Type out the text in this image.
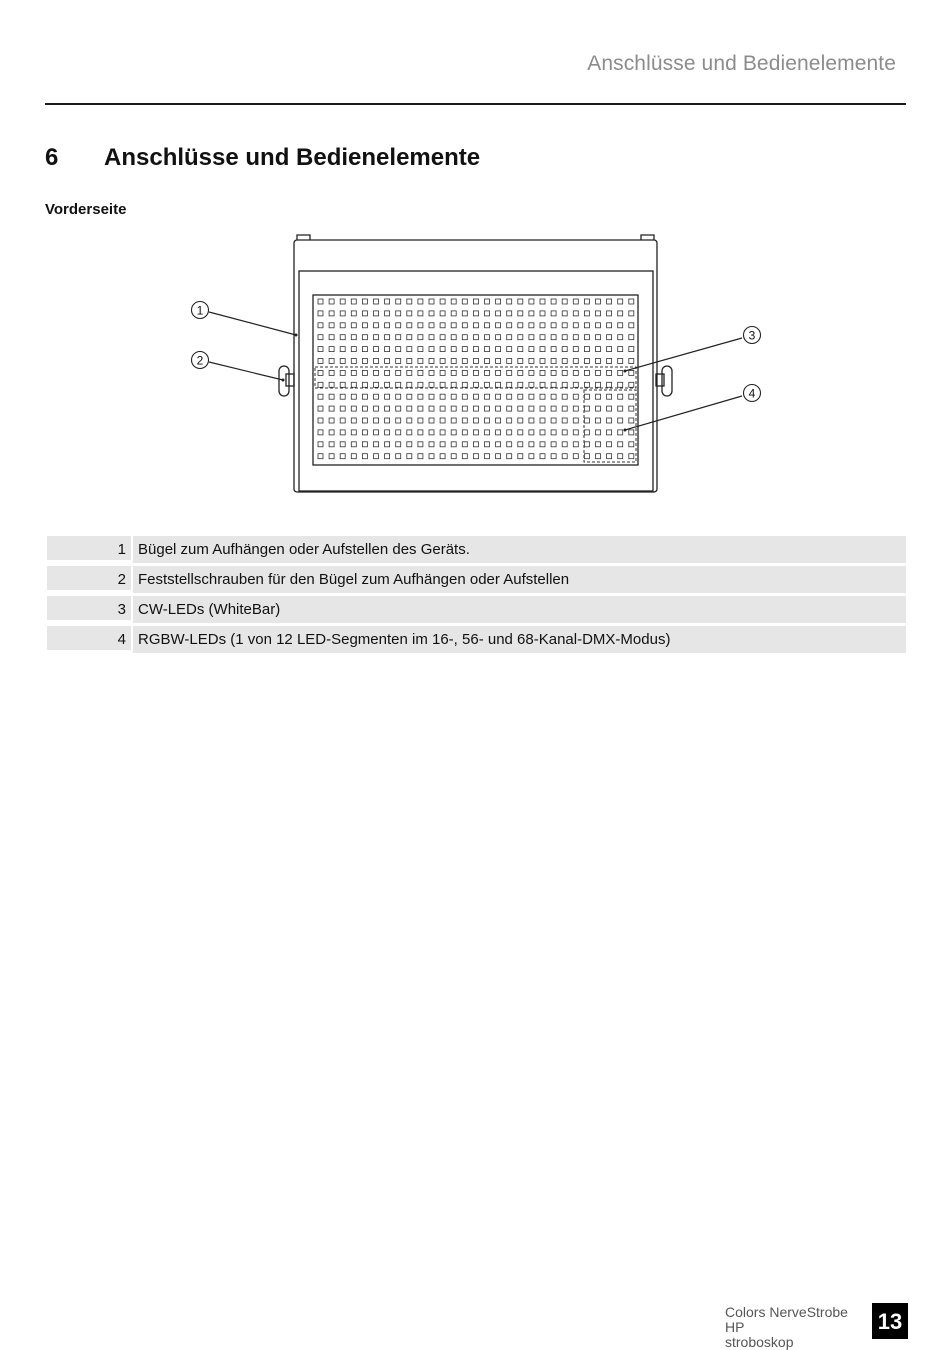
Anschlüsse und Bedienelemente
6	Anschlüsse und Bedienelemente
Vorderseite
1
2
3
4
1 Bügel zum Aufhängen oder Aufstellen des Geräts.
2 Feststellschrauben für den Bügel zum Aufhängen oder Aufstellen
3 CW-LEDs (WhiteBar)
4 RGBW-LEDs (1 von 12 LED-Segmenten im 16-, 56- und 68-Kanal-DMX-Modus)
Colors NerveStrobe HP
stroboskop
13
